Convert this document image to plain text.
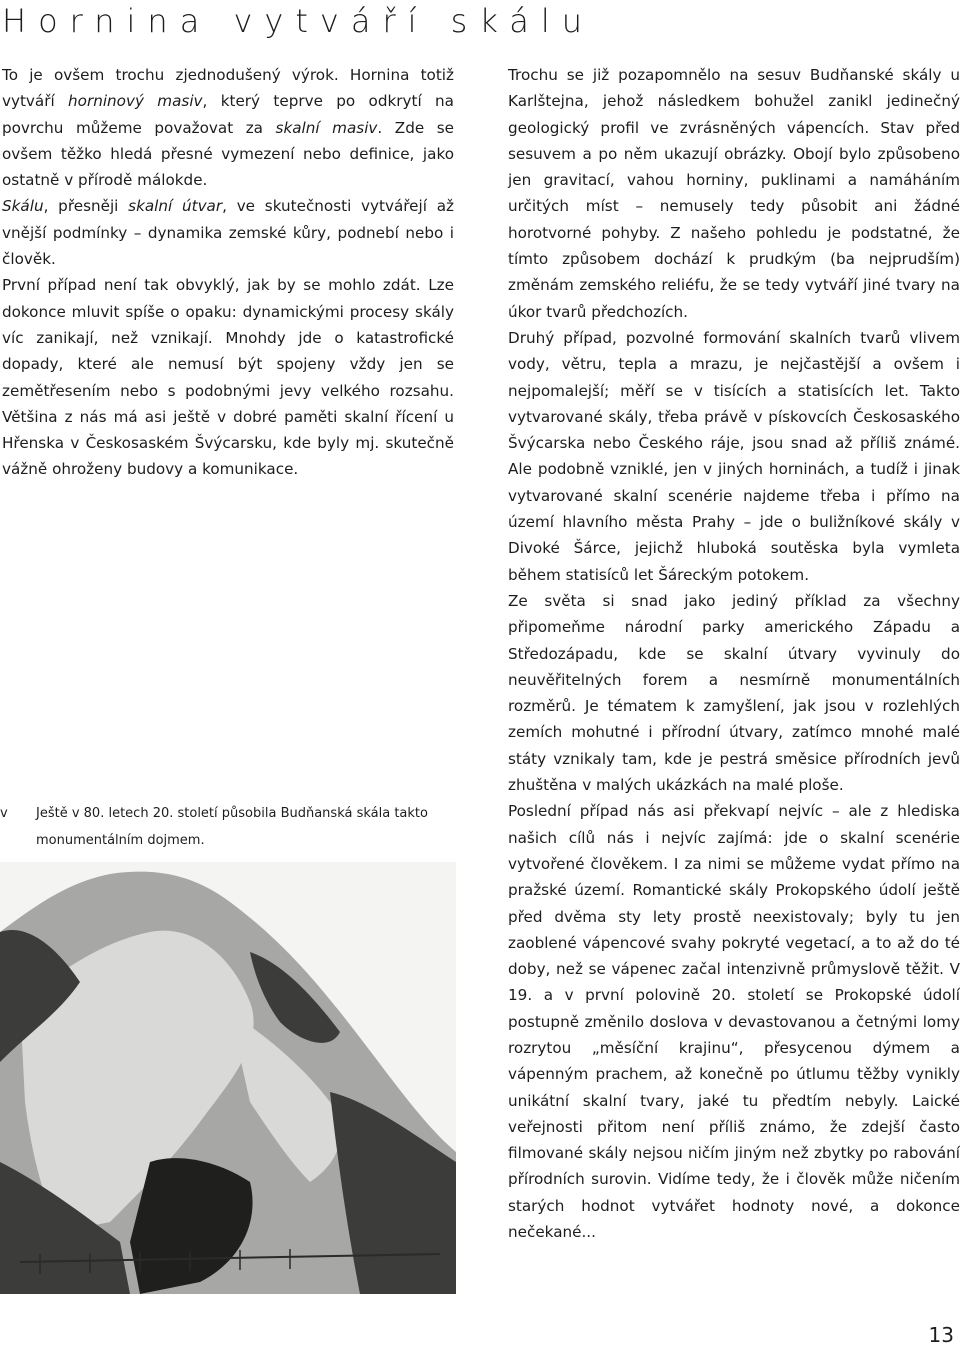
Hornina vytváří skálu

To je ovšem trochu zjednodušený výrok. Hornina totiž vytváří horninový masiv, který teprve po odkrytí na povrchu můžeme považovat za skalní masiv. Zde se ovšem těžko hledá přesné vymezení nebo definice, jako ostatně v přírodě málokde.

Skálu, přesněji skalní útvar, ve skutečnosti vytvářejí až vnější podmínky – dynamika zemské kůry, podnebí nebo i člověk.

První případ není tak obvyklý, jak by se mohlo zdát. Lze dokonce mluvit spíše o opaku: dynamickými procesy skály víc zanikají, než vznikají. Mnohdy jde o katastrofické dopady, které ale nemusí být spojeny vždy jen se zemětřesením nebo s podobnými jevy velkého rozsahu. Většina z nás má asi ještě v dobré paměti skalní řícení u Hřenska v Českosaském Švýcarsku, kde byly mj. skutečně vážně ohroženy budovy a komunikace.

v	Ještě v 80. letech 20. století působila Budňanská skála takto monumentálním dojmem.

Trochu se již pozapomnělo na sesuv Budňanské skály u Karlštejna, jehož následkem bohužel zanikl jedinečný geologický profil ve zvrásněných vápencích. Stav před sesuvem a po něm ukazují obrázky. Obojí bylo způsobeno jen gravitací, vahou horniny, puklinami a namáháním určitých míst – nemusely tedy působit ani žádné horotvorné pohyby. Z našeho pohledu je podstatné, že tímto způsobem dochází k prudkým (ba nejprudším) změnám zemského reliéfu, že se tedy vytváří jiné tvary na úkor tvarů předchozích.

Druhý případ, pozvolné formování skalních tvarů vlivem vody, větru, tepla a mrazu, je nejčastější a ovšem i nejpomalejší; měří se v tisících a statisících let. Takto vytvarované skály, třeba právě v pískovcích Českosaského Švýcarska nebo Českého ráje, jsou snad až příliš známé. Ale podobně vzniklé, jen v jiných horninách, a tudíž i jinak vytvarované skalní scenérie najdeme třeba i přímo na území hlavního města Prahy – jde o buližníkové skály v Divoké Šárce, jejichž hluboká soutěska byla vymleta během statisíců let Šáreckým potokem.

Ze světa si snad jako jediný příklad za všechny připomeňme národní parky amerického Západu a Středozápadu, kde se skalní útvary vyvinuly do neuvěřitelných forem a nesmírně monumentálních rozměrů. Je tématem k zamyšlení, jak jsou v rozlehlých zemích mohutné i přírodní útvary, zatímco mnohé malé státy vznikaly tam, kde je pestrá směsice přírodních jevů zhuštěna v malých ukázkách na malé ploše.

Poslední případ nás asi překvapí nejvíc – ale z hlediska našich cílů nás i nejvíc zajímá: jde o skalní scenérie vytvořené člověkem. I za nimi se můžeme vydat přímo na pražské území. Romantické skály Prokopského údolí ještě před dvěma sty lety prostě neexistovaly; byly tu jen zaoblené vápencové svahy pokryté vegetací, a to až do té doby, než se vápenec začal intenzivně průmyslově těžit. V 19. a v první polovině 20. století se Prokopské údolí postupně změnilo doslova v devastovanou a četnými lomy rozrytou „měsíční krajinu“, přesycenou dýmem a vápenným prachem, až konečně po útlumu těžby vynikly unikátní skalní tvary, jaké tu předtím nebyly. Laické veřejnosti přitom není příliš známo, že zdejší často filmované skály nejsou ničím jiným než zbytky po rabování přírodních surovin. Vidíme tedy, že i člověk může ničením starých hodnot vytvářet hodnoty nové, a dokonce nečekané...

13
